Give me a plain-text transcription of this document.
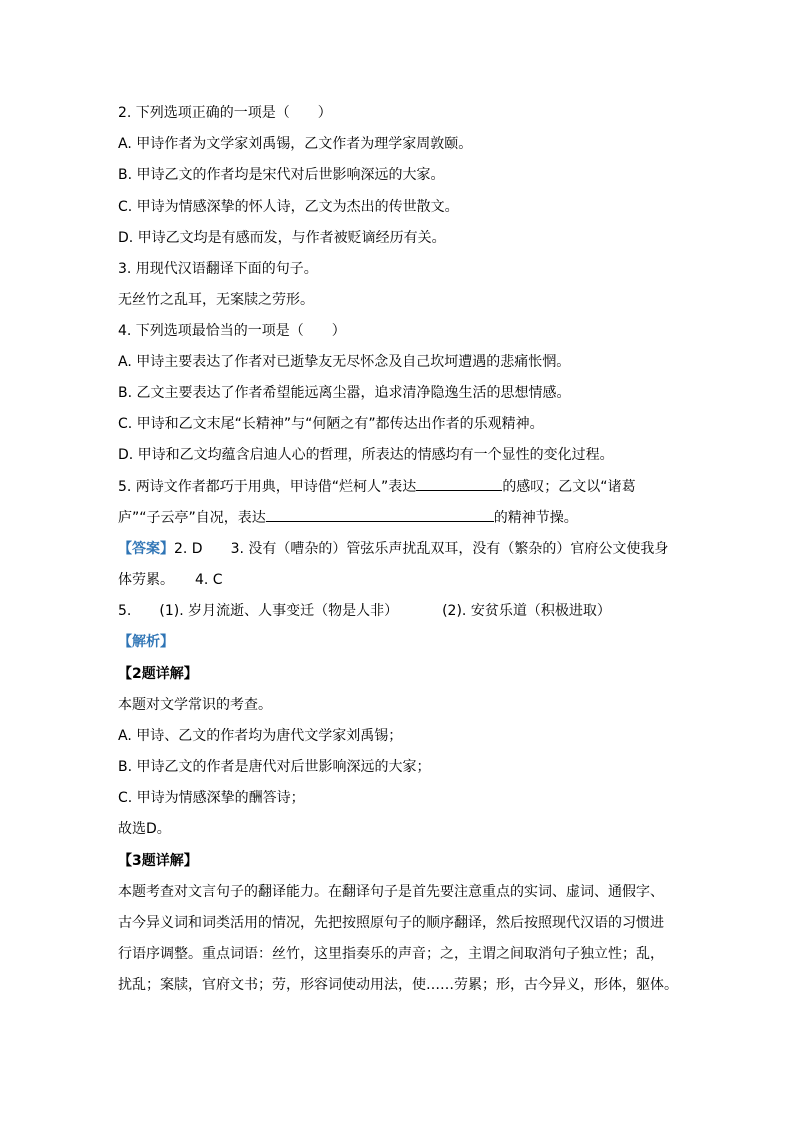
2. 下列选项正确的一项是（　　）
A. 甲诗作者为文学家刘禹锡，乙文作者为理学家周敦颐。
B. 甲诗乙文的作者均是宋代对后世影响深远的大家。
C. 甲诗为情感深挚的怀人诗，乙文为杰出的传世散文。
D. 甲诗乙文均是有感而发，与作者被贬谪经历有关。
3. 用现代汉语翻译下面的句子。
无丝竹之乱耳，无案牍之劳形。
4. 下列选项最恰当的一项是（　　）
A. 甲诗主要表达了作者对已逝挚友无尽怀念及自己坎坷遭遇的悲痛怅惘。
B. 乙文主要表达了作者希望能远离尘嚣，追求清净隐逸生活的思想情感。
C. 甲诗和乙文末尾“长精神”与“何陋之有”都传达出作者的乐观精神。
D. 甲诗和乙文均蕴含启迪人心的哲理，所表达的情感均有一个显性的变化过程。
5. 两诗文作者都巧于用典，甲诗借“烂柯人”表达	的感叹；乙文以“诸葛
庐”“子云亭”自况，表达	的精神节操。
【答案】2. D　　3. 没有（嘈杂的）管弦乐声扰乱双耳，没有（繁杂的）官府公文使我身
体劳累。　　4. C
5. (1). 岁月流逝、人事变迁（物是人非）	(2). 安贫乐道（积极进取）
【解析】
【2题详解】
本题对文学常识的考查。
A. 甲诗、乙文的作者均为唐代文学家刘禹锡；
B. 甲诗乙文的作者是唐代对后世影响深远的大家；
C. 甲诗为情感深挚的酬答诗；
故选D。
【3题详解】
本题考查对文言句子的翻译能力。在翻译句子是首先要注意重点的实词、虚词、通假字、
古今异义词和词类活用的情况，先把按照原句子的顺序翻译，然后按照现代汉语的习惯进
行语序调整。重点词语：丝竹，这里指奏乐的声音；之，主谓之间取消句子独立性；乱，
扰乱；案牍，官府文书；劳，形容词使动用法，使……劳累；形，古今异义，形体，躯体。
